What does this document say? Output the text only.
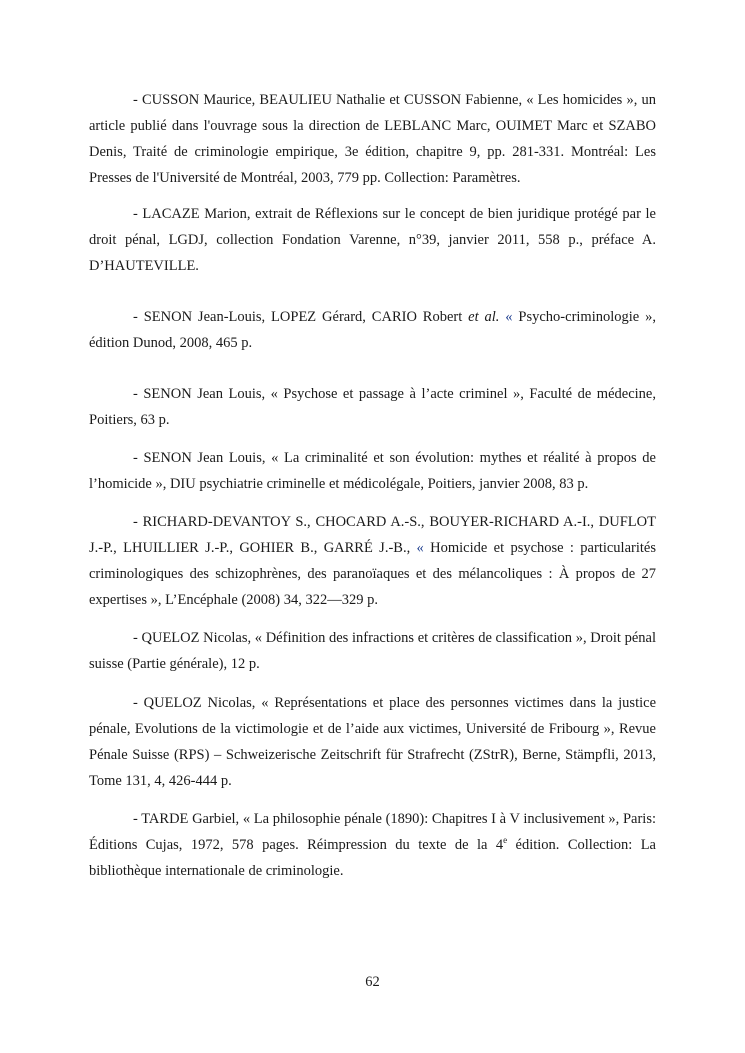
- CUSSON Maurice, BEAULIEU Nathalie et CUSSON Fabienne, « Les homicides », un article publié dans l'ouvrage sous la direction de LEBLANC Marc, OUIMET Marc et SZABO Denis, Traité de criminologie empirique, 3e édition, chapitre 9, pp. 281-331. Montréal: Les Presses de l'Université de Montréal, 2003, 779 pp. Collection: Paramètres.

- LACAZE Marion, extrait de Réflexions sur le concept de bien juridique protégé par le droit pénal, LGDJ, collection Fondation Varenne, n°39, janvier 2011, 558 p., préface A. D’HAUTEVILLE.

- SENON Jean-Louis, LOPEZ Gérard, CARIO Robert et al. « Psycho-criminologie », édition Dunod, 2008, 465 p.

- SENON Jean Louis, « Psychose et passage à l’acte criminel », Faculté de médecine, Poitiers, 63 p.

- SENON Jean Louis, « La criminalité et son évolution: mythes et réalité à propos de l’homicide », DIU psychiatrie criminelle et médicolégale, Poitiers, janvier 2008, 83 p.

- RICHARD-DEVANTOY S., CHOCARD A.-S., BOUYER-RICHARD A.-I., DUFLOT J.-P., LHUILLIER J.-P., GOHIER B., GARRÉ J.-B., « Homicide et psychose : particularités criminologiques des schizophrènes, des paranoïaques et des mélancoliques : À propos de 27 expertises », L’Encéphale (2008) 34, 322—329 p.

- QUELOZ Nicolas, « Définition des infractions et critères de classification », Droit pénal suisse (Partie générale), 12 p.

- QUELOZ Nicolas, « Représentations et place des personnes victimes dans la justice pénale, Evolutions de la victimologie et de l’aide aux victimes, Université de Fribourg », Revue Pénale Suisse (RPS) – Schweizerische Zeitschrift für Strafrecht (ZStrR), Berne, Stämpfli, 2013, Tome 131, 4, 426-444 p.

- TARDE Garbiel, « La philosophie pénale (1890): Chapitres I à V inclusivement », Paris: Éditions Cujas, 1972, 578 pages. Réimpression du texte de la 4e édition. Collection: La bibliothèque internationale de criminologie.

62
